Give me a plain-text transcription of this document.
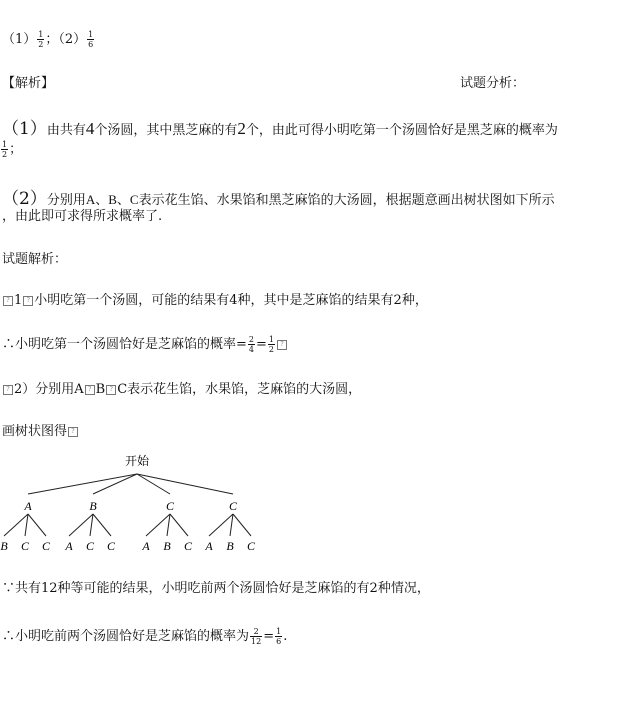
$(1) \frac{1}{2}$ ；$(2) \frac{1}{6}$
【解析】	试题分析：
（1）由共有4个汤圆，其中黑芝麻的有2个，由此可得小明吃第一个汤圆恰好是黑芝麻的概率为
$\frac{1}{2}$ ；
（2）分别用A、B、C表示花生馅、水果馅和黑芝麻馅的大汤圆，根据题意画出树状图如下所示
，由此即可求得所求概率了.
试题解析：
? 1 ? 小明吃第一个汤圆，可能的结果有4种，其中是芝麻馅的结果有2种，
∴小明吃第一个汤圆恰好是芝麻馅的概率= $\frac{2}{4} = \frac{1}{2}$ ?
? 2）分别用A ? B ? C表示花生馅，水果馅，芝麻馅的大汤圆，
画树状图得 ?
开始
A
B C C
B
A C C
C
A B C
C
A B C
∵共有12种等可能的结果，小明吃前两个汤圆恰好是芝麻馅的有2种情况，
∴小明吃前两个汤圆恰好是芝麻馅的概率为 $\frac{2}{12} = \frac{1}{6}$ .
